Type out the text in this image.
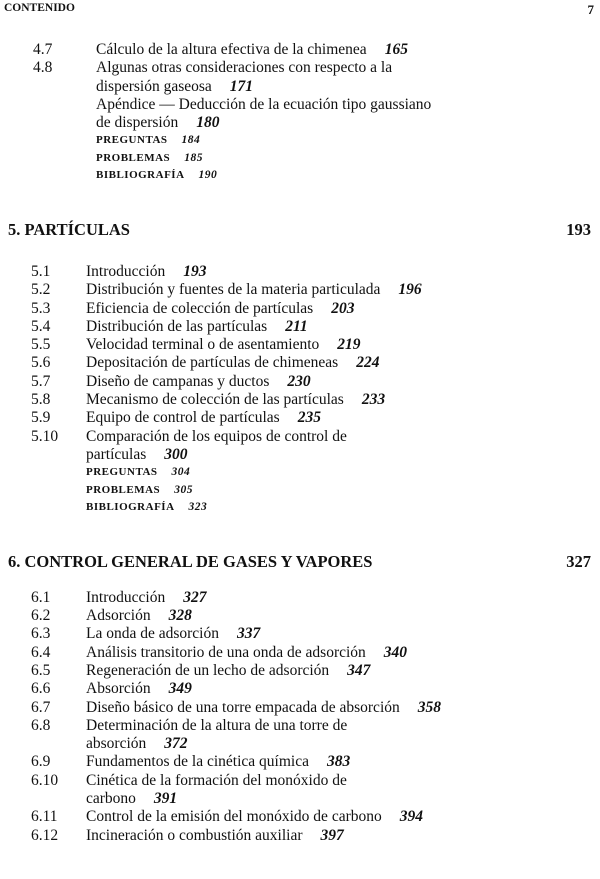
CONTENIDO	7
4.7	Cálculo de la altura efectiva de la chimenea 165
4.8	Algunas otras consideraciones con respecto a la
dispersión gaseosa 171
Apéndice — Deducción de la ecuación tipo gaussiano
de dispersión 180
PREGUNTAS 184
PROBLEMAS 185
BIBLIOGRAFÍA 190
5. PARTÍCULAS	193
5.1	Introducción 193
5.2	Distribución y fuentes de la materia particulada 196
5.3	Eficiencia de colección de partículas 203
5.4	Distribución de las partículas 211
5.5	Velocidad terminal o de asentamiento 219
5.6	Depositación de partículas de chimeneas 224
5.7	Diseño de campanas y ductos 230
5.8	Mecanismo de colección de las partículas 233
5.9	Equipo de control de partículas 235
5.10	Comparación de los equipos de control de
partículas 300
PREGUNTAS 304
PROBLEMAS 305
BIBLIOGRAFÍA 323
6. CONTROL GENERAL DE GASES Y VAPORES	327
6.1	Introducción 327
6.2	Adsorción 328
6.3	La onda de adsorción 337
6.4	Análisis transitorio de una onda de adsorción 340
6.5	Regeneración de un lecho de adsorción 347
6.6	Absorción 349
6.7	Diseño básico de una torre empacada de absorción 358
6.8	Determinación de la altura de una torre de
absorción 372
6.9	Fundamentos de la cinética química 383
6.10	Cinética de la formación del monóxido de
carbono 391
6.11	Control de la emisión del monóxido de carbono 394
6.12	Incineración o combustión auxiliar 397
